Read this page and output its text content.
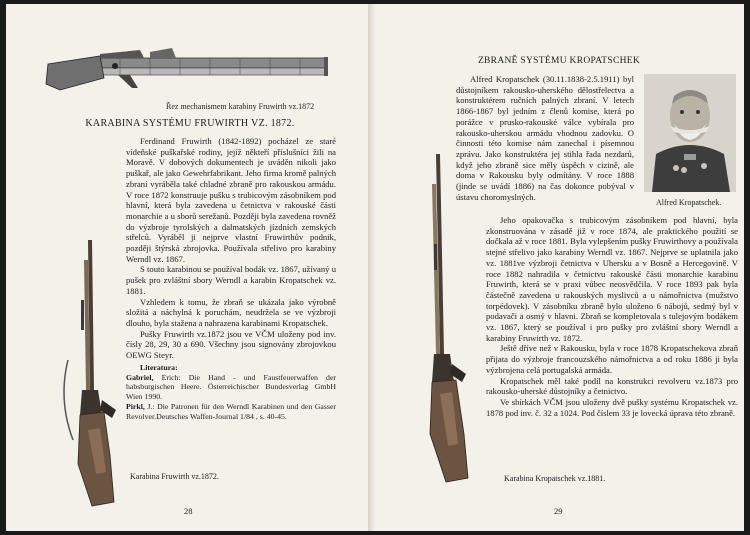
Řez mechanismem karabiny Fruwirth vz.1872
KARABINA SYSTÉMU FRUWIRTH VZ. 1872.

Ferdinand Fruwirth (1842-1892) pocházel ze staré vídeňské puškařské rodiny, jejíž někteří příslušníci žili na Moravě. V dobových dokumentech je uváděn nikoli jako puškař, ale jako Gewehrfabrikant. Jeho firma kromě palných zbraní vyráběla také chladné zbraně pro rakouskou armádu. V roce 1872 konstruuje pušku s trubicovým zásobníkem pod hlavní, která byla zavedena u četnictva v rakouské části monarchie a u sborů serežanů. Později byla zavedena rovněž do výzbroje tyrolských a dalmatských jízdních zemských střelců. Vyráběl ji nejprve vlastní Fruwirthův podnik, později štýrská zbrojovka. Používala střelivo pro karabiny Werndl vz. 1867.

S touto karabinou se používal bodák vz. 1867, užívaný u pušek pro zvláštní sbory Werndl a karabin Kropatschek vz. 1881.

Vzhledem k tomu, že zbraň se ukázala jako výrobně složitá a náchylná k poruchám, neudržela se ve výzbroji dlouho, byla stažena a nahrazena karabinami Kropatschek.

Pušky Fruwirth vz.1872 jsou ve VČM uloženy pod inv. čísly 28, 29, 30 a 690. Všechny jsou signovány zbrojovkou OEWG Steyr.

Literatura:

Gabriel, Erich: Die Hand - und Faustfeuerwaffen der habsburgischen Heere. Österreichischer Bundesverlag GmbH Wien 1990.

Pirkl, J.: Die Patronen für den Werndl Karabinen und den Gasser Revolver.Deutsches Waffen-Journal 1/84 , s. 40-45.

Karabina Fruwirth vz.1872.
28
ZBRANĚ SYSTÉMU KROPATSCHEK

Alfred Kropatschek (30.11.1838-2.5.1911) byl důstojníkem rakousko-uherského dělostřelectva a konstruktérem ručních palných zbraní. V letech 1866-1867 byl jedním z členů komise, která po porážce v prusko-rakouské válce vybírala pro rakousko-uherskou armádu vhodnou zadovku. O činnosti této komise nám zanechal i písemnou zprávu. Jako konstruktéra jej stihla řada nezdarů, když jeho zbraně sice měly úspěch v cizině, ale doma v Rakousku byly odmítány. V roce 1888 (jinde se uvádí 1886) na čas dokonce pobýval v ústavu choromyslných.

Alfred Kropatschek.

Jeho opakovačka s trubicovým zásobníkem pod hlavní, byla zkonstruována v zásadě již v roce 1874, ale praktického použití se dočkala až v roce 1881. Byla vylepšením pušky Fruwirthovy a používala stejné střelivo jako karabiny Werndl vz. 1867. Nejprve se uplatnila jako vz. 1881ve výzbroji četnictva v Uhersku a v Bosně a Hercegovině. V roce 1882 nahradila v četnictvu rakouské části monarchie karabinu Fruwirth, která se v praxi vůbec neosvědčila. V roce 1893 pak byla částečně zavedena u rakouských myslivců a u námořnictva (mužstvo torpédovek). V zásobníku zbraně bylo uloženo 6 nábojů, sedmý byl v podavači a osmý v hlavni. Zbraň se kompletovala s tulejovým bodákem vz. 1867, který se používal i pro pušky pro zvláštní sbory Werndl a karabiny Fruwirth vz. 1872.

Ještě dříve než v Rakousku, byla v roce 1878 Kropatschekova zbraň přijata do výzbroje francouzského námořnictva a od roku 1886 ji byla výzbrojena celá portugalská armáda.

Kropatschek měl také podíl na konstrukci revolveru vz.1873 pro rakousko-uherské důstojníky a četnictvo.

Ve sbírkách VČM jsou uloženy dvě pušky systému Kropatschek vz. 1878 pod inv. č. 32 a 1024. Pod číslem 33 je lovecká úprava této zbraně.

Karabina Kropatschek vz.1881.
29
